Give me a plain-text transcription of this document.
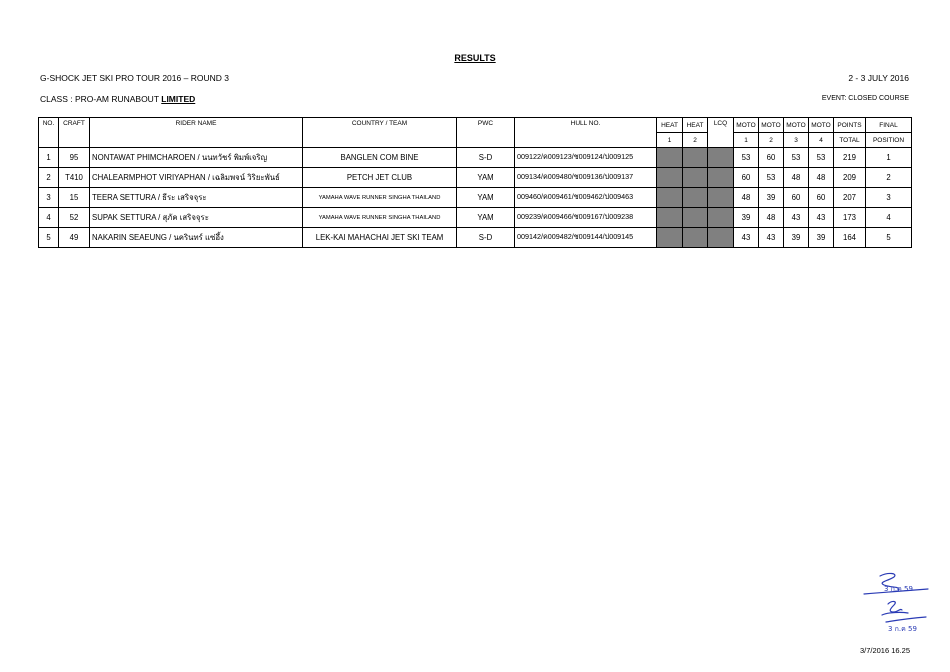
RESULTS
G-SHOCK JET SKI PRO TOUR 2016 – ROUND 3	2 - 3 JULY 2016
CLASS : PRO-AM RUNABOUT LIMITED	EVENT: CLOSED COURSE
NO.	CRAFT	RIDER NAME	COUNTRY / TEAM	PWC	HULL NO.	HEAT	HEAT	LCQ	MOTO	MOTO	MOTO	MOTO	POINTS	FINAL
						1	2		1	2	3	4	TOTAL	POSITION
1	95	NONTAWAT PHIMCHAROEN / นนทวัชร์ พิมพ์เจริญ	BANGLEN COM BINE	S-D	009122/ค009123/ช009124/ป009125				53	60	53	53	219	1
2	T410	CHALEARMPHOT VIRIYAPHAN / เฉลิมพจน์ วิริยะพันธ์	PETCH JET CLUB	YAM	009134/ค009480/ช009136/ป009137				60	53	48	48	209	2
3	15	TEERA SETTURA / ธีระ เสริจจุระ	YAMAHA WAVE RUNNER SINGHA THAILAND	YAM	009460/ค009461/ช009462/ป009463				48	39	60	60	207	3
4	52	SUPAK SETTURA / สุภัค เสริจจุระ	YAMAHA WAVE RUNNER SINGHA THAILAND	YAM	009239/ค009466/ช009167/ป009238				39	48	43	43	173	4
5	49	NAKARIN SEAEUNG / นครินทร์ แซ่อึ้ง	LEK-KAI MAHACHAI JET SKI TEAM	S-D	009142/ค009482/ช009144/ป009145				43	43	39	39	164	5
3 ก.ค 59
3 ก.ค 59
3/7/2016 16.25
